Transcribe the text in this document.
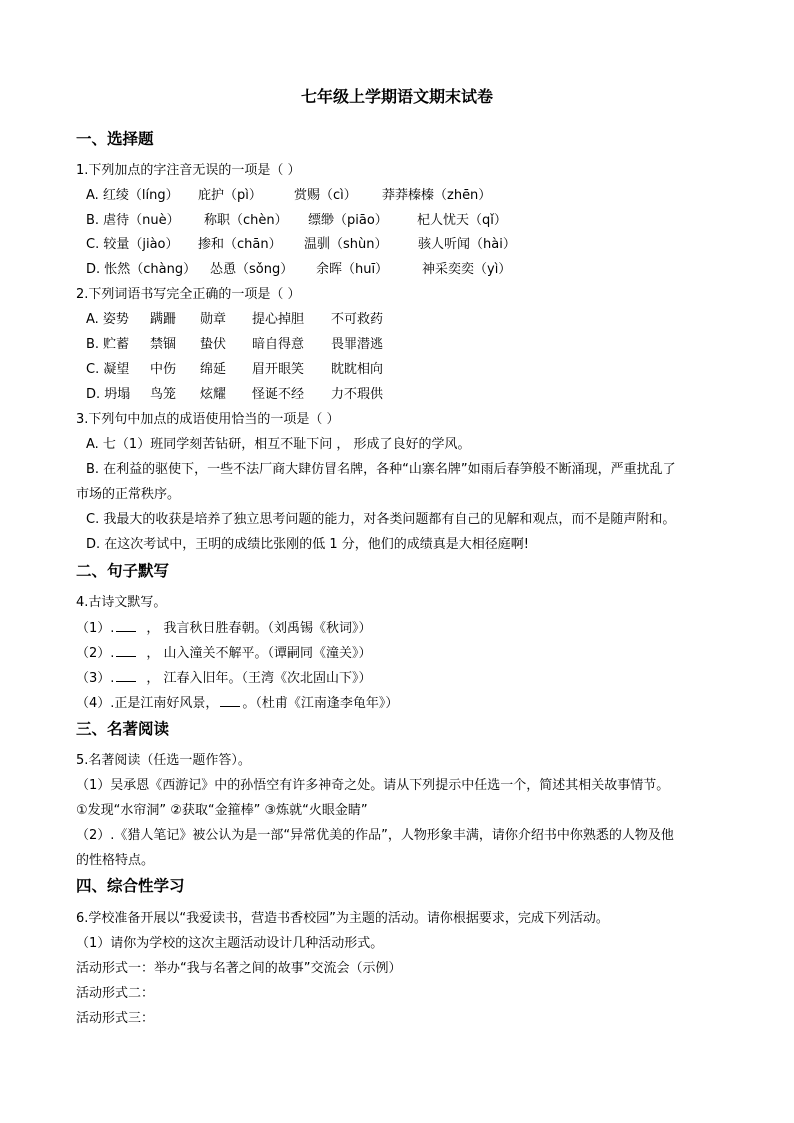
七年级上学期语文期末试卷
一、选择题
1.下列加点的字注音无误的一项是（ ）
A. 红绫（líng） 庇护（pì） 赏赐（cì） 莽莽榛榛（zhēn）
B. 虐待（nuè） 称职（chèn） 缥缈（piāo） 杞人忧天（qǐ）
C. 较量（jiào） 掺和（chān） 温驯（shùn） 骇人听闻（hài）
D. 怅然（chàng） 怂恿（sǒng） 余晖（huī）	神采奕奕（yì）
2.下列词语书写完全正确的一项是（ ）
A. 姿势 蹒跚 勋章 提心掉胆 不可救药
B. 贮蓄 禁锢 蛰伏 暗自得意 畏罪潜逃
C. 凝望 中伤 绵延 眉开眼笑 眈眈相向
D. 坍塌 鸟笼 炫耀 怪诞不经 力不瑕供
3.下列句中加点的成语使用恰当的一项是（ ）
A. 七（1）班同学刻苦钻研，相互不耻下问 ， 形成了良好的学风。
B. 在利益的驱使下，一些不法厂商大肆仿冒名牌，各种“山寨名牌”如雨后春笋般不断涌现，严重扰乱了
市场的正常秩序。
C. 我最大的收获是培养了独立思考问题的能力，对各类问题都有自己的见解和观点，而不是随声附和。
D. 在这次考试中，王明的成绩比张刚的低 1 分，他们的成绩真是大相径庭啊!
二、句子默写
4.古诗文默写。
（1）. ， 我言秋日胜春朝。（刘禹锡《秋词》）
（2）. ， 山入潼关不解平。（谭嗣同《潼关》）
（3）. ， 江春入旧年。（王湾《次北固山下》）
（4）.正是江南好风景， 。（杜甫《江南逢李龟年》）
三、名著阅读
5.名著阅读（任选一题作答）。
（1）吴承恩《西游记》中的孙悟空有许多神奇之处。请从下列提示中任选一个，简述其相关故事情节。
①发现“水帘洞” ②获取“金箍棒” ③炼就“火眼金睛”
（2）.《猎人笔记》被公认为是一部“异常优美的作品”，人物形象丰满，请你介绍书中你熟悉的人物及他
的性格特点。
四、综合性学习
6.学校准备开展以“我爱读书，营造书香校园”为主题的活动。请你根据要求，完成下列活动。
（1）请你为学校的这次主题活动设计几种活动形式。
活动形式一：举办“我与名著之间的故事”交流会（示例）
活动形式二：
活动形式三：
